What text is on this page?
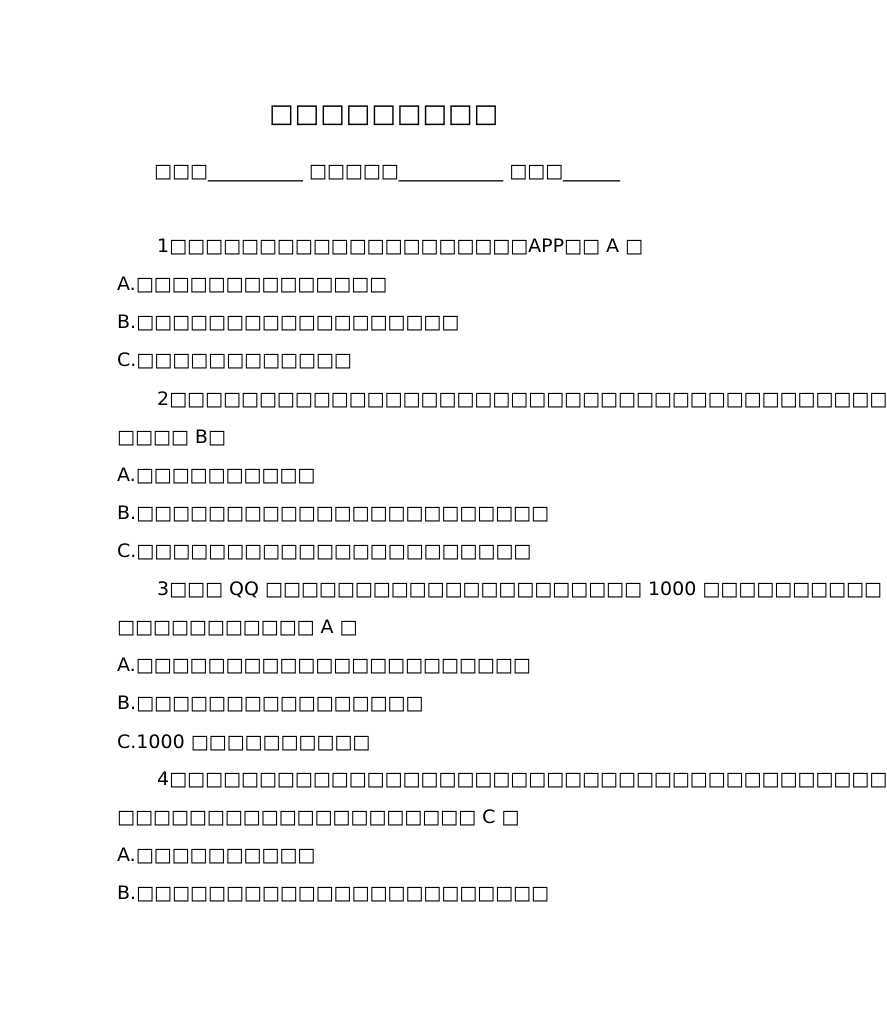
□□□□□□□□□
□□□__________ □□□□□___________ □□□______
1□□□□□□□□□□□□□□□□□□□□APP□□ A □
A.□□□□□□□□□□□□□□
B.□□□□□□□□□□□□□□□□□□
C.□□□□□□□□□□□□
2□□□□□□□□□□□□□□□□□□□□□□□□□□□□□□□□□□□□□□□□
□□□□ B□
A.□□□□□□□□□□
B.□□□□□□□□□□□□□□□□□□□□□□□
C.□□□□□□□□□□□□□□□□□□□□□□
3□□□ QQ □□□□□□□□□□□□□□□□□□□□□ 1000 □□□□□□□□□□
□□□□□□□□□□□ A □
A.□□□□□□□□□□□□□□□□□□□□□□
B.□□□□□□□□□□□□□□□□
C.1000 □□□□□□□□□□
4□□□□□□□□□□□□□□□□□□□□□□□□□□□□□□□□□□□□□□□□
□□□□□□□□□□□□□□□□□□□□ C □
A.□□□□□□□□□□
B.□□□□□□□□□□□□□□□□□□□□□□□
